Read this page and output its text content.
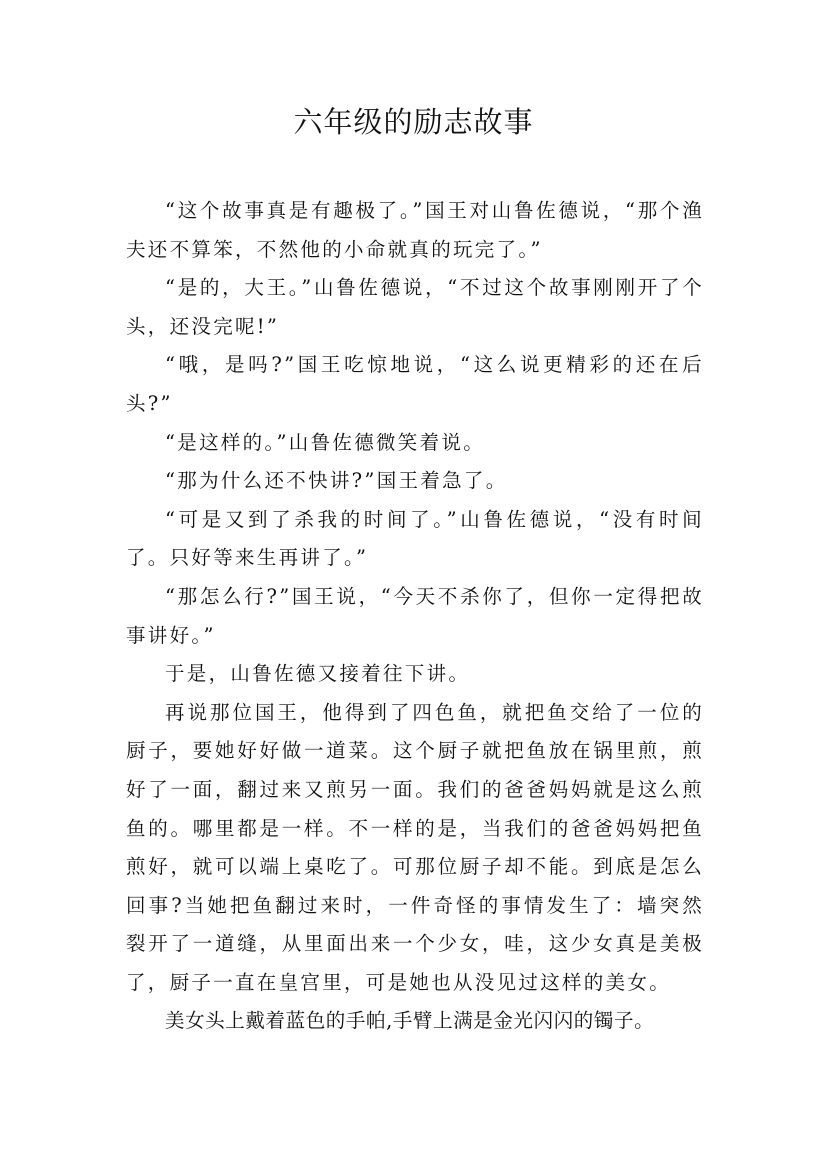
六年级的励志故事

“这个故事真是有趣极了。”国王对山鲁佐德说，“那个渔夫还不算笨，不然他的小命就真的玩完了。”

“是的，大王。”山鲁佐德说，“不过这个故事刚刚开了个头，还没完呢!”

“哦，是吗?”国王吃惊地说，“这么说更精彩的还在后头?”

“是这样的。”山鲁佐德微笑着说。

“那为什么还不快讲?”国王着急了。

“可是又到了杀我的时间了。”山鲁佐德说，“没有时间了。只好等来生再讲了。”

“那怎么行?”国王说，“今天不杀你了，但你一定得把故事讲好。”

于是，山鲁佐德又接着往下讲。

再说那位国王，他得到了四色鱼，就把鱼交给了一位的厨子，要她好好做一道菜。这个厨子就把鱼放在锅里煎，煎好了一面，翻过来又煎另一面。我们的爸爸妈妈就是这么煎鱼的。哪里都是一样。不一样的是，当我们的爸爸妈妈把鱼煎好，就可以端上桌吃了。可那位厨子却不能。到底是怎么回事?当她把鱼翻过来时，一件奇怪的事情发生了：墙突然裂开了一道缝，从里面出来一个少女，哇，这少女真是美极了，厨子一直在皇宫里，可是她也从没见过这样的美女。

美女头上戴着蓝色的手帕,手臂上满是金光闪闪的镯子。
